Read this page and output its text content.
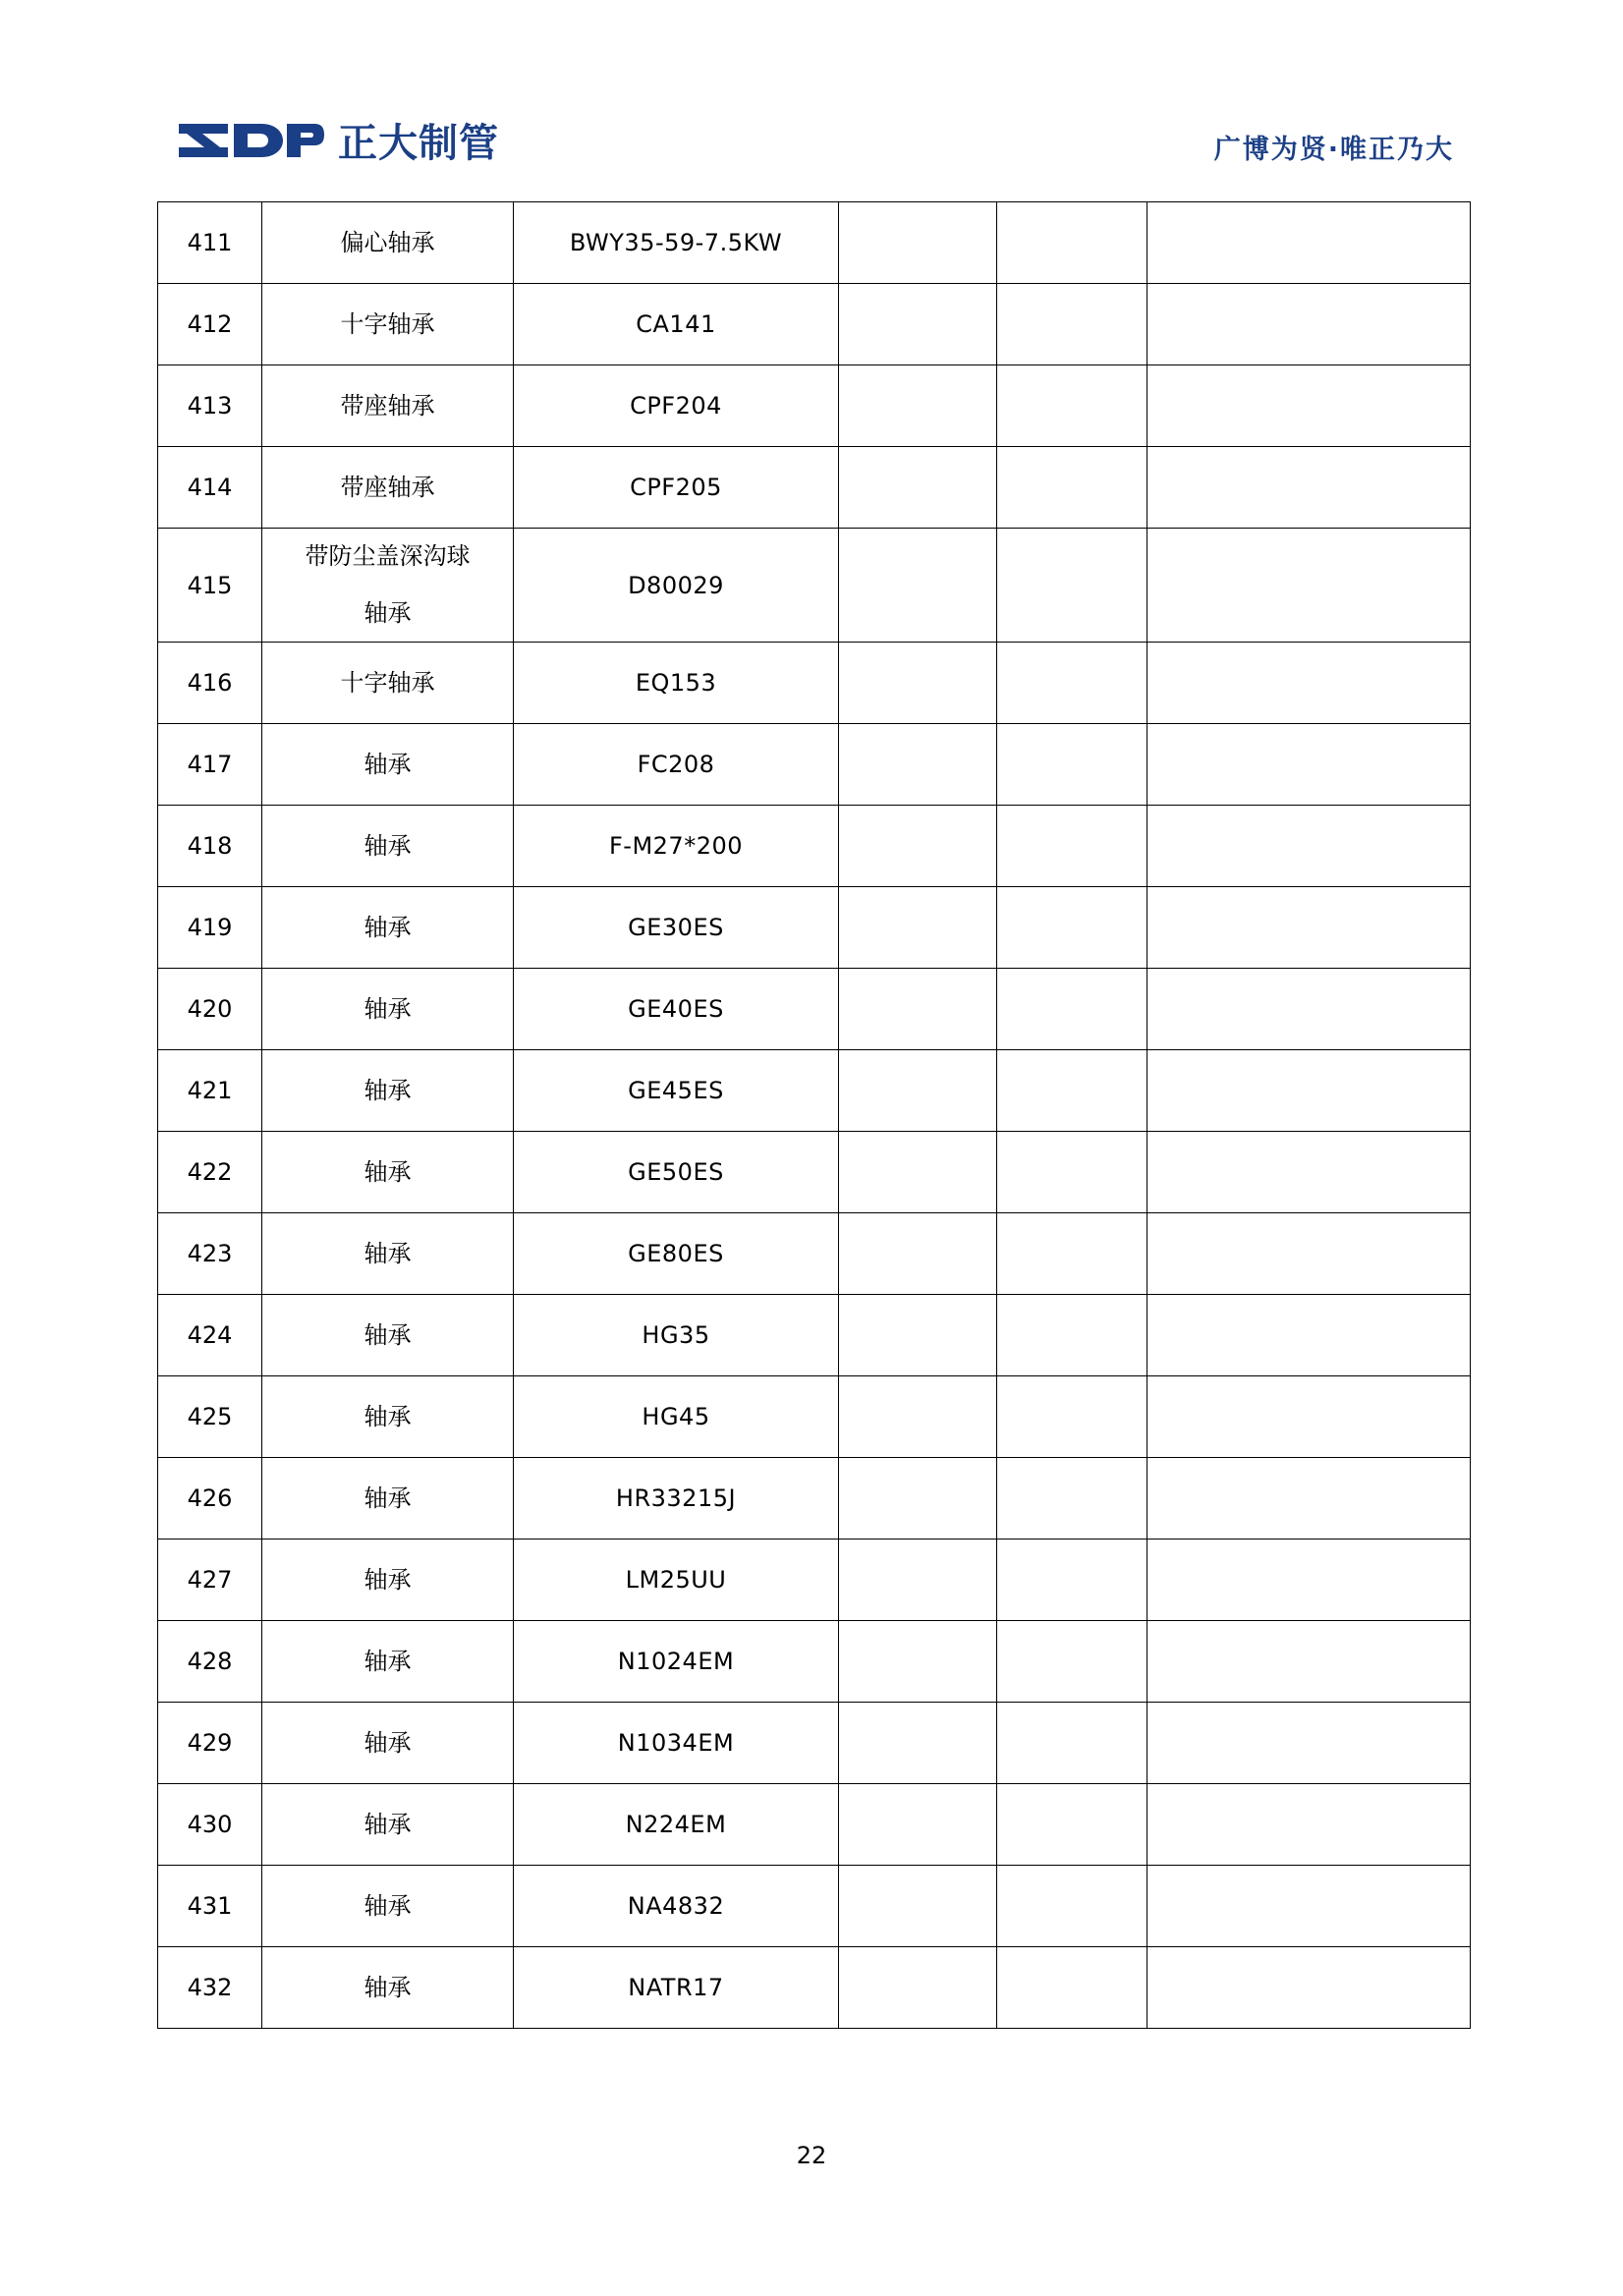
正大制管	广博为贤·唯正乃大
411	偏心轴承	BWY35-59-7.5KW			
412	十字轴承	CA141			
413	带座轴承	CPF204			
414	带座轴承	CPF205			
415	带防尘盖深沟球
轴承	D80029			
416	十字轴承	EQ153			
417	轴承	FC208			
418	轴承	F-M27*200			
419	轴承	GE30ES			
420	轴承	GE40ES			
421	轴承	GE45ES			
422	轴承	GE50ES			
423	轴承	GE80ES			
424	轴承	HG35			
425	轴承	HG45			
426	轴承	HR33215J			
427	轴承	LM25UU			
428	轴承	N1024EM			
429	轴承	N1034EM			
430	轴承	N224EM			
431	轴承	NA4832			
432	轴承	NATR17			
22
